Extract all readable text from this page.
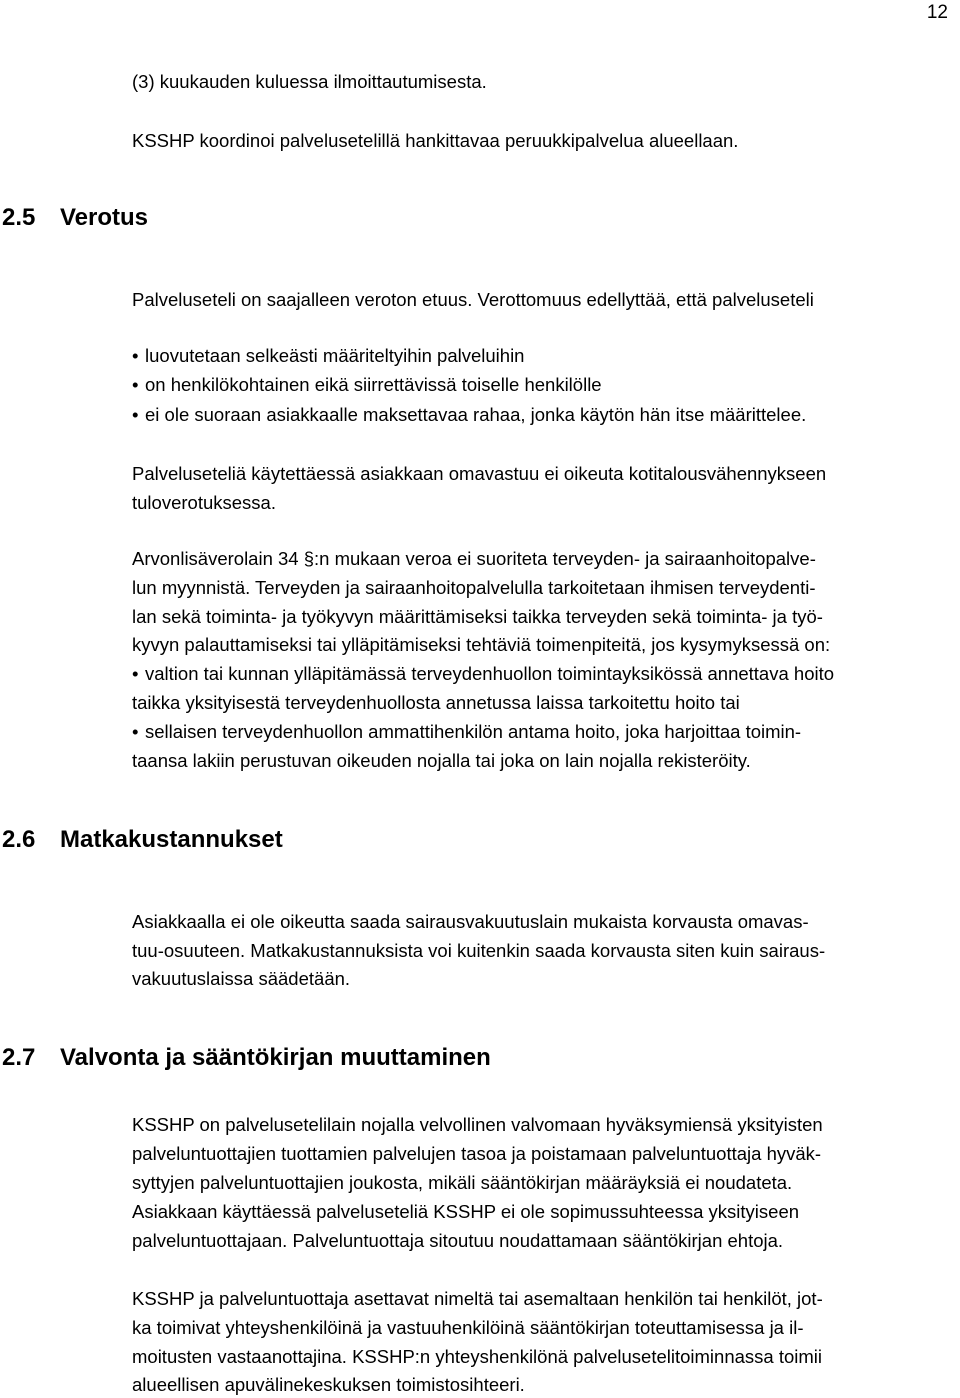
12
(3) kuukauden kuluessa ilmoittautumisesta.
KSSHP koordinoi palvelusetelillä hankittavaa peruukkipalvelua alueellaan.
2.5 Verotus
Palveluseteli on saajalleen veroton etuus. Verottomuus edellyttää, että palveluseteli
• luovutetaan selkeästi määriteltyihin palveluihin
• on henkilökohtainen eikä siirrettävissä toiselle henkilölle
• ei ole suoraan asiakkaalle maksettavaa rahaa, jonka käytön hän itse määrittelee.
Palveluseteliä käytettäessä asiakkaan omavastuu ei oikeuta kotitalousvähennykseen
tuloverotuksessa.
Arvonlisäverolain 34 §:n mukaan veroa ei suoriteta terveyden- ja sairaanhoitopalve-
lun myynnistä. Terveyden ja sairaanhoitopalvelulla tarkoitetaan ihmisen terveydenti-
lan sekä toiminta- ja työkyvyn määrittämiseksi taikka terveyden sekä toiminta- ja työ-
kyvyn palauttamiseksi tai ylläpitämiseksi tehtäviä toimenpiteitä, jos kysymyksessä on:
• valtion tai kunnan ylläpitämässä terveydenhuollon toimintayksikössä annettava hoito
taikka yksityisestä terveydenhuollosta annetussa laissa tarkoitettu hoito tai
• sellaisen terveydenhuollon ammattihenkilön antama hoito, joka harjoittaa toimin-
taansa lakiin perustuvan oikeuden nojalla tai joka on lain nojalla rekisteröity.
2.6 Matkakustannukset
Asiakkaalla ei ole oikeutta saada sairausvakuutuslain mukaista korvausta omavas-
tuu-osuuteen. Matkakustannuksista voi kuitenkin saada korvausta siten kuin sairaus-
vakuutuslaissa säädetään.
2.7 Valvonta ja sääntökirjan muuttaminen
KSSHP on palvelusetelilain nojalla velvollinen valvomaan hyväksymiensä yksityisten
palveluntuottajien tuottamien palvelujen tasoa ja poistamaan palveluntuottaja hyväk-
syttyjen palveluntuottajien joukosta, mikäli sääntökirjan määräyksiä ei noudateta.
Asiakkaan käyttäessä palveluseteliä KSSHP ei ole sopimussuhteessa yksityiseen
palveluntuottajaan. Palveluntuottaja sitoutuu noudattamaan sääntökirjan ehtoja.
KSSHP ja palveluntuottaja asettavat nimeltä tai asemaltaan henkilön tai henkilöt, jot-
ka toimivat yhteyshenkilöinä ja vastuuhenkilöinä sääntökirjan toteuttamisessa ja il-
moitusten vastaanottajina. KSSHP:n yhteyshenkilönä palvelusetelitoiminnassa toimii
alueellisen apuvälinekeskuksen toimistosihteeri.
